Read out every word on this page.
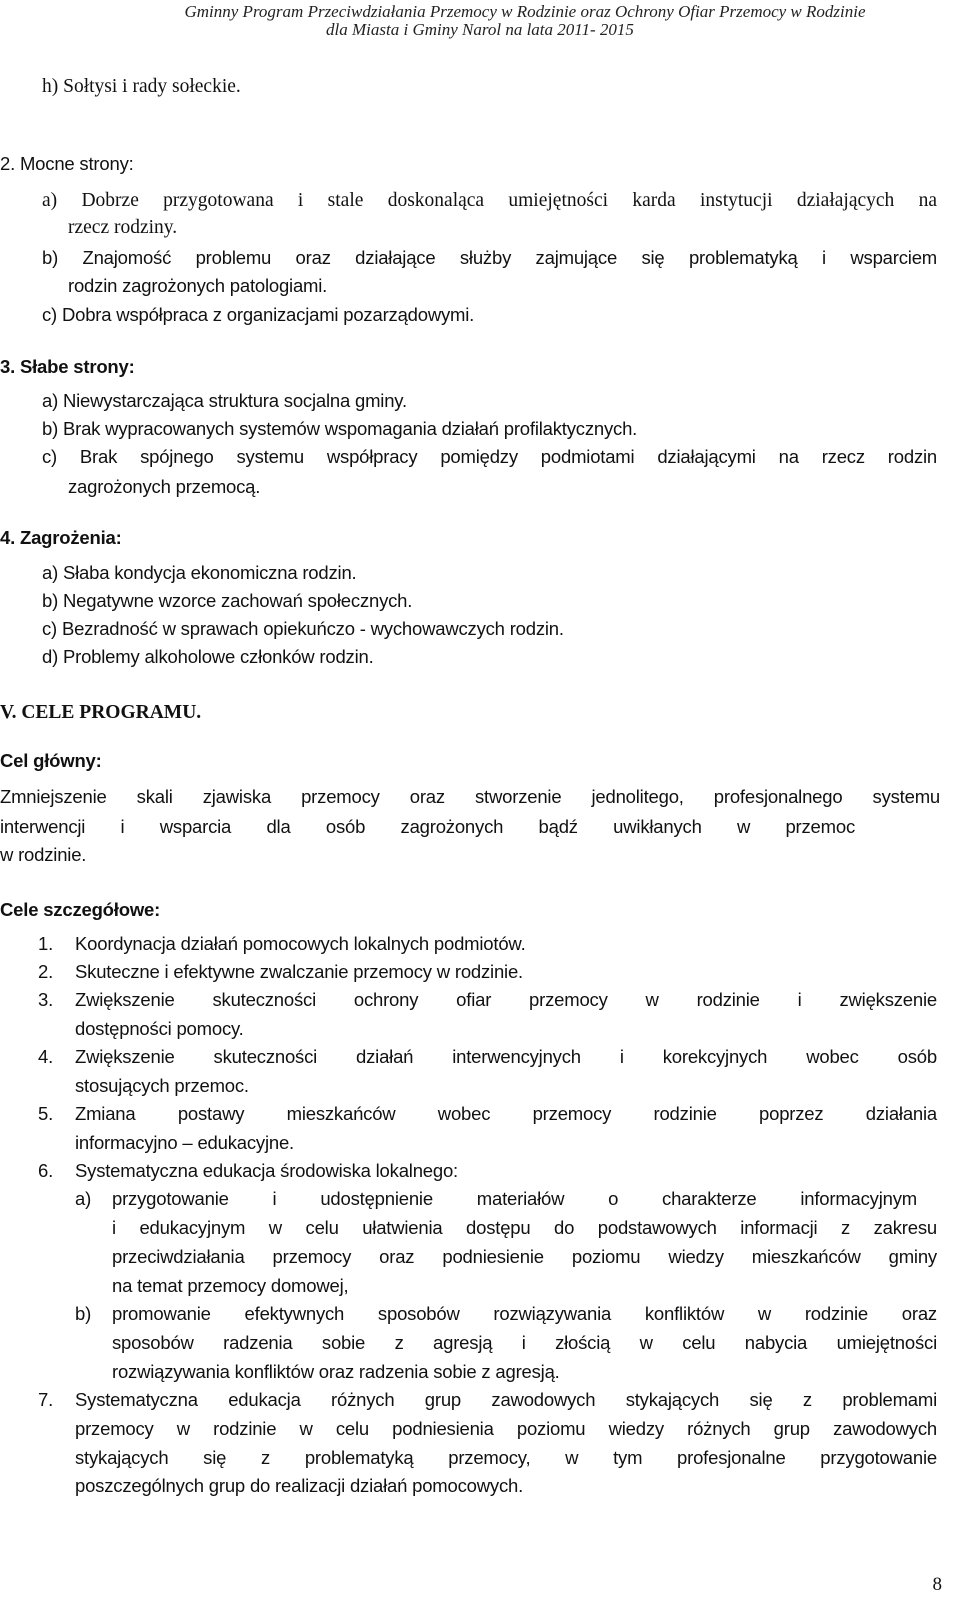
Gminny Program Przeciwdziałania Przemocy w Rodzinie oraz Ochrony Ofiar Przemocy w Rodzinie
dla Miasta i Gminy Narol na lata 2011- 2015
h) Sołtysi i rady sołeckie.
2. Mocne strony:
a) Dobrze przygotowana i stale doskonaląca umiejętności karda instytucji działających na
rzecz rodziny.
b) Znajomość problemu oraz działające służby zajmujące się problematyką i wsparciem
rodzin zagrożonych patologiami.
c) Dobra współpraca z organizacjami pozarządowymi.
3. Słabe strony:
a) Niewystarczająca struktura socjalna gminy.
b) Brak wypracowanych systemów wspomagania działań profilaktycznych.
c) Brak spójnego systemu współpracy pomiędzy podmiotami działającymi na rzecz rodzin
zagrożonych przemocą.
4. Zagrożenia:
a) Słaba kondycja ekonomiczna rodzin.
b) Negatywne wzorce zachowań społecznych.
c) Bezradność w sprawach opiekuńczo - wychowawczych rodzin.
d) Problemy alkoholowe członków rodzin.
V. CELE PROGRAMU.
Cel główny:
Zmniejszenie skali zjawiska przemocy oraz stworzenie jednolitego, profesjonalnego systemu
interwencji i wsparcia dla osób zagrożonych bądź uwikłanych w przemoc
w rodzinie.
Cele szczegółowe:
1. Koordynacja działań pomocowych lokalnych podmiotów.
2. Skuteczne i efektywne zwalczanie przemocy w rodzinie.
3. Zwiększenie skuteczności ochrony ofiar przemocy w rodzinie i zwiększenie
dostępności pomocy.
4. Zwiększenie skuteczności działań interwencyjnych i korekcyjnych wobec osób
stosujących przemoc.
5. Zmiana postawy mieszkańców wobec przemocy rodzinie poprzez działania
informacyjno – edukacyjne.
6. Systematyczna edukacja środowiska lokalnego:
a) przygotowanie i udostępnienie materiałów o charakterze informacyjnym
i edukacyjnym w celu ułatwienia dostępu do podstawowych informacji z zakresu
przeciwdziałania przemocy oraz podniesienie poziomu wiedzy mieszkańców gminy
na temat przemocy domowej,
b) promowanie efektywnych sposobów rozwiązywania konfliktów w rodzinie oraz
sposobów radzenia sobie z agresją i złością w celu nabycia umiejętności
rozwiązywania konfliktów oraz radzenia sobie z agresją.
7. Systematyczna edukacja różnych grup zawodowych stykających się z problemami
przemocy w rodzinie w celu podniesienia poziomu wiedzy różnych grup zawodowych
stykających się z problematyką przemocy, w tym profesjonalne przygotowanie
poszczególnych grup do realizacji działań pomocowych.
8
